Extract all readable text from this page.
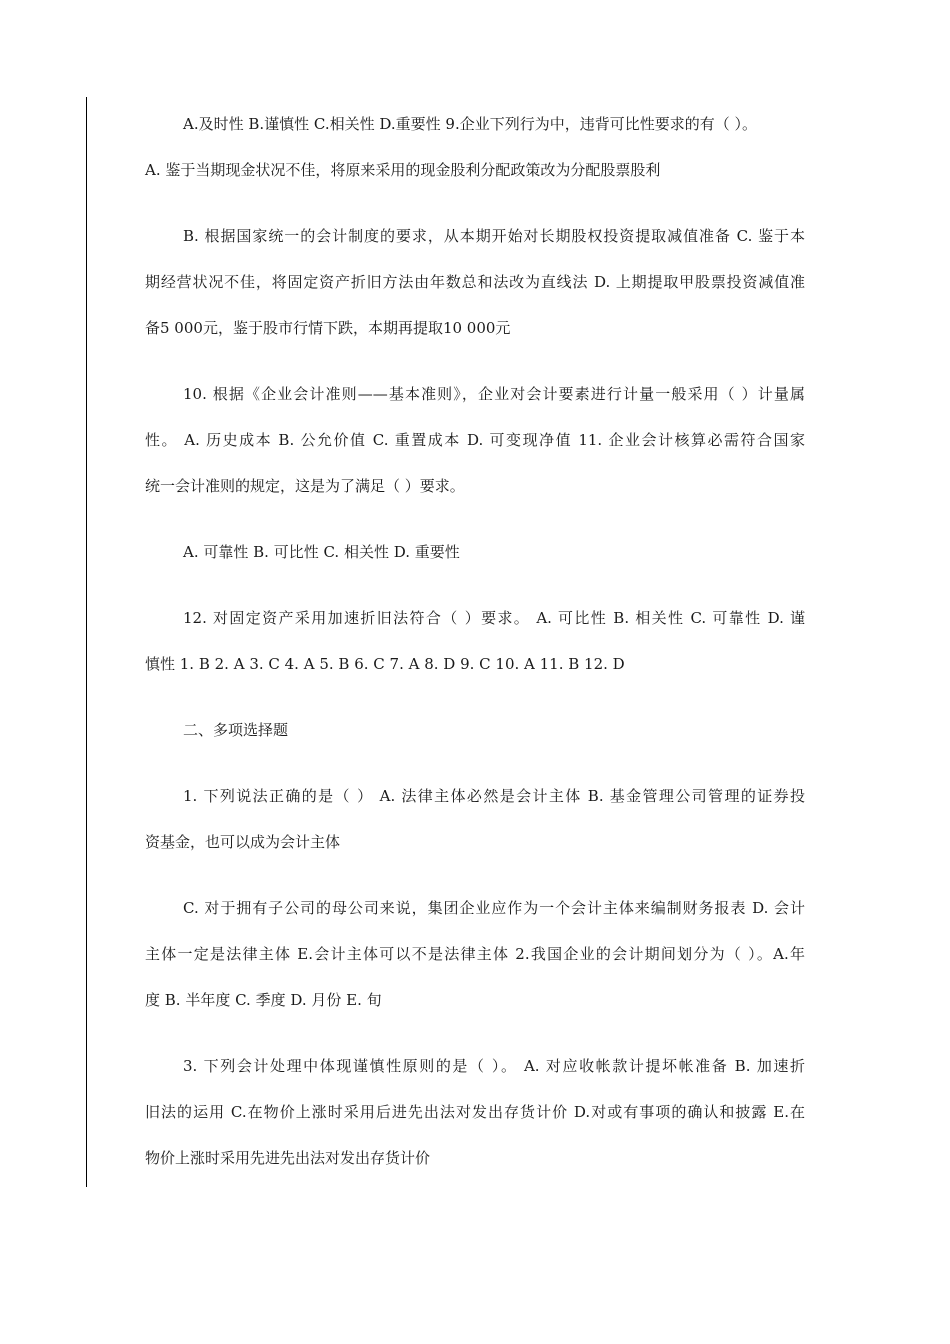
A.及时性 B.谨慎性 C.相关性 D.重要性 9.企业下列行为中，违背可比性要求的有（ ）。

A. 鉴于当期现金状况不佳，将原来采用的现金股利分配政策改为分配股票股利

B. 根据国家统一的会计制度的要求，从本期开始对长期股权投资提取减值准备 C. 鉴于本
期经营状况不佳，将固定资产折旧方法由年数总和法改为直线法 D. 上期提取甲股票投资减值准
备5 000元，鉴于股市行情下跌，本期再提取10 000元

10. 根据《企业会计准则——基本准则》，企业对会计要素进行计量一般采用（ ）计量属
性。 A. 历史成本 B. 公允价值 C. 重置成本 D. 可变现净值 11. 企业会计核算必需符合国家
统一会计准则的规定，这是为了满足（ ）要求。

A. 可靠性 B. 可比性 C. 相关性 D. 重要性

12. 对固定资产采用加速折旧法符合（ ）要求。 A. 可比性 B. 相关性 C. 可靠性 D. 谨
慎性 1. B 2. A 3. C 4. A 5. B 6. C 7. A 8. D 9. C 10. A 11. B 12. D

二、多项选择题

1. 下列说法正确的是（ ） A. 法律主体必然是会计主体 B. 基金管理公司管理的证券投
资基金，也可以成为会计主体

C. 对于拥有子公司的母公司来说，集团企业应作为一个会计主体来编制财务报表 D. 会计
主体一定是法律主体 E.会计主体可以不是法律主体 2.我国企业的会计期间划分为（ ）。A.年
度 B. 半年度 C. 季度 D. 月份 E. 旬

3. 下列会计处理中体现谨慎性原则的是（ ）。 A. 对应收帐款计提坏帐准备 B. 加速折
旧法的运用 C.在物价上涨时采用后进先出法对发出存货计价 D.对或有事项的确认和披露 E.在
物价上涨时采用先进先出法对发出存货计价
